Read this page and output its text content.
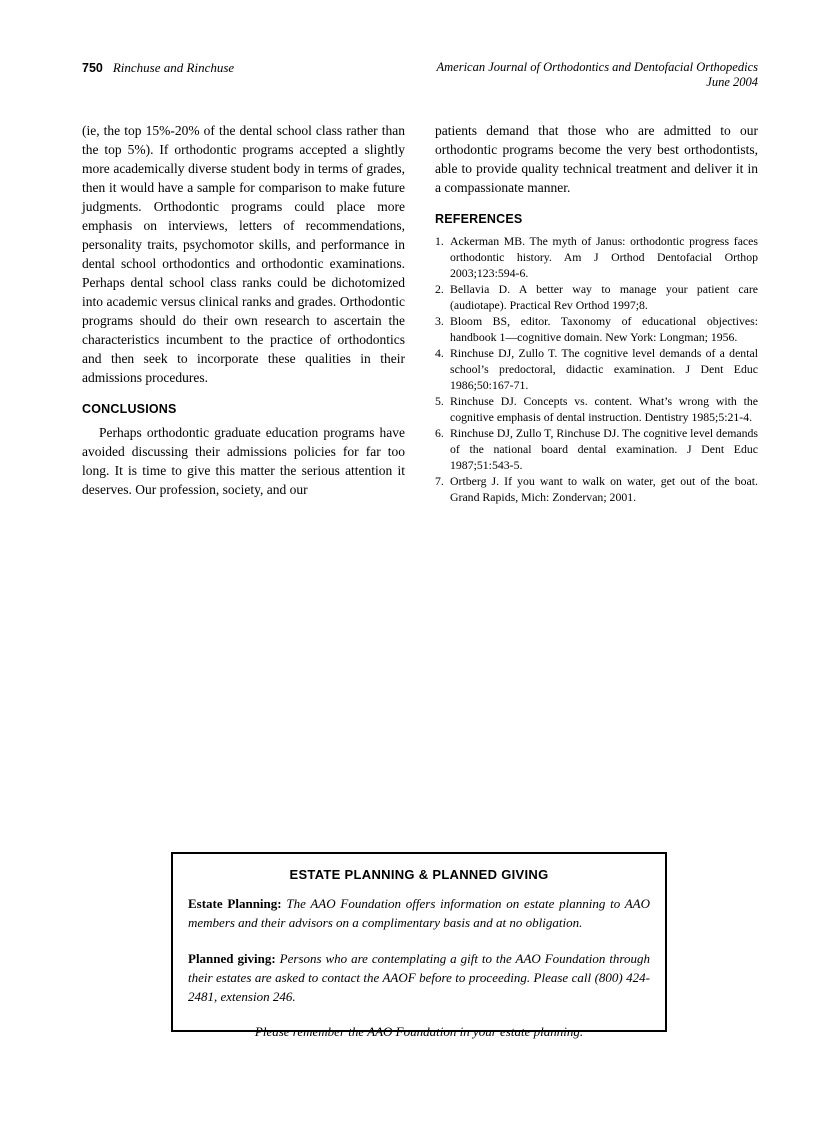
750 Rinchuse and Rinchuse	American Journal of Orthodontics and Dentofacial Orthopedics
June 2004

(ie, the top 15%-20% of the dental school class rather than the top 5%). If orthodontic programs accepted a slightly more academically diverse student body in terms of grades, then it would have a sample for comparison to make future judgments. Orthodontic programs could place more emphasis on interviews, letters of recommendations, personality traits, psychomotor skills, and performance in dental school orthodontics and orthodontic examinations. Perhaps dental school class ranks could be dichotomized into academic versus clinical ranks and grades. Orthodontic programs should do their own research to ascertain the characteristics incumbent to the practice of orthodontics and then seek to incorporate these qualities in their admissions procedures.

CONCLUSIONS

Perhaps orthodontic graduate education programs have avoided discussing their admissions policies for far too long. It is time to give this matter the serious attention it deserves. Our profession, society, and our

patients demand that those who are admitted to our orthodontic programs become the very best orthodontists, able to provide quality technical treatment and deliver it in a compassionate manner.

REFERENCES
1. Ackerman MB. The myth of Janus: orthodontic progress faces orthodontic history. Am J Orthod Dentofacial Orthop 2003;123:594-6.
2. Bellavia D. A better way to manage your patient care (audiotape). Practical Rev Orthod 1997;8.
3. Bloom BS, editor. Taxonomy of educational objectives: handbook 1—cognitive domain. New York: Longman; 1956.
4. Rinchuse DJ, Zullo T. The cognitive level demands of a dental school’s predoctoral, didactic examination. J Dent Educ 1986;50:167-71.
5. Rinchuse DJ. Concepts vs. content. What’s wrong with the cognitive emphasis of dental instruction. Dentistry 1985;5:21-4.
6. Rinchuse DJ, Zullo T, Rinchuse DJ. The cognitive level demands of the national board dental examination. J Dent Educ 1987;51:543-5.
7. Ortberg J. If you want to walk on water, get out of the boat. Grand Rapids, Mich: Zondervan; 2001.
ESTATE PLANNING & PLANNED GIVING

Estate Planning: The AAO Foundation offers information on estate planning to AAO members and their advisors on a complimentary basis and at no obligation.

Planned giving: Persons who are contemplating a gift to the AAO Foundation through their estates are asked to contact the AAOF before to proceeding. Please call (800) 424-2481, extension 246.

Please remember the AAO Foundation in your estate planning.
